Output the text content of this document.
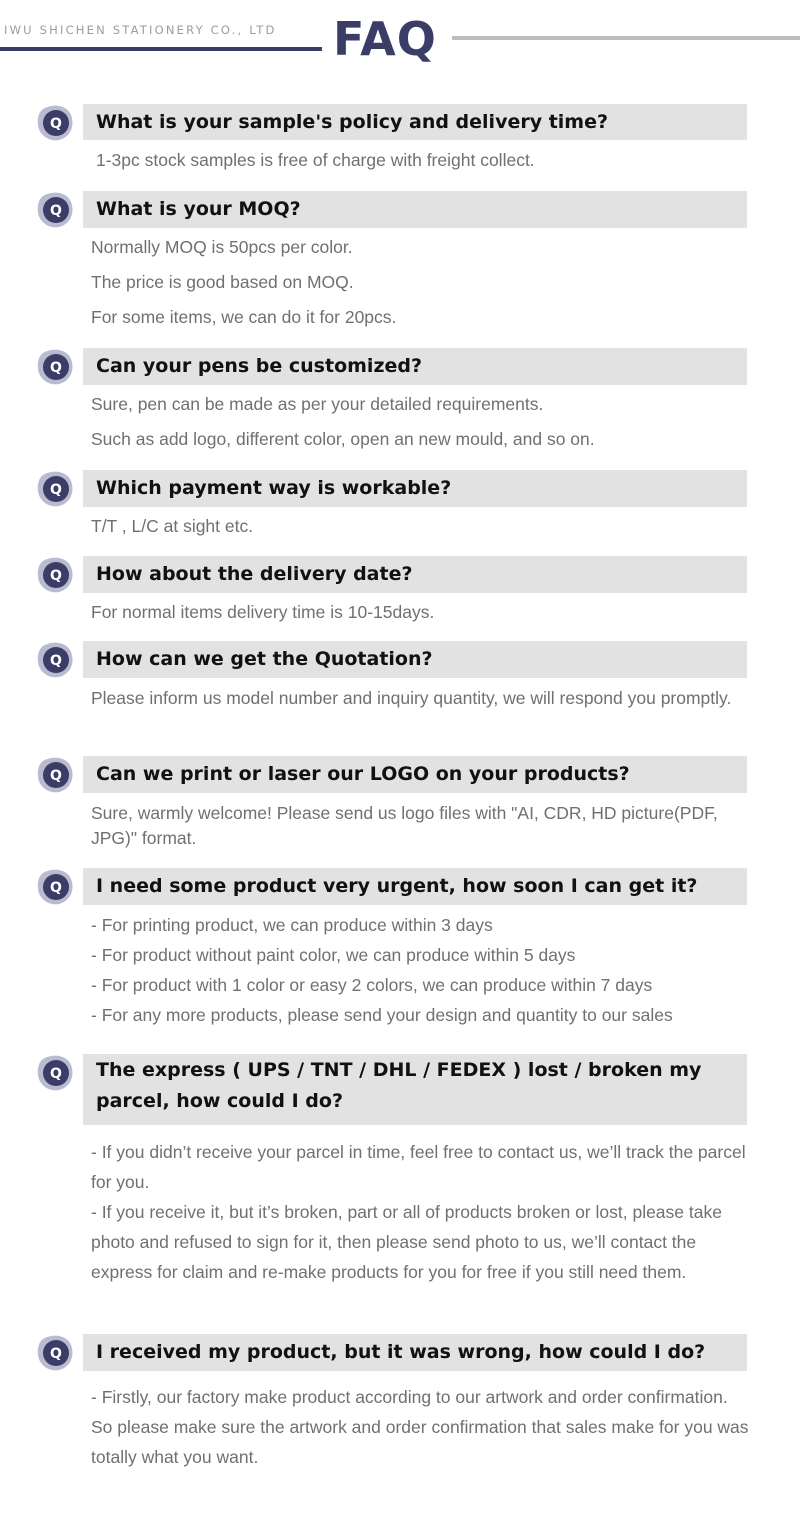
IWU SHICHEN STATIONERY CO., LTD FAQ
Q	What is your sample's policy and delivery time?

1-3pc stock samples is free of charge with freight collect.

Q	What is your MOQ?

Normally MOQ is 50pcs per color.

The price is good based on MOQ.

For some items, we can do it for 20pcs.

Q	Can your pens be customized?

Sure, pen can be made as per your detailed requirements.

Such as add logo, different color, open an new mould, and so on.

Q	Which payment way is workable?

T/T , L/C at sight etc.

Q	How about the delivery date?

For normal items delivery time is 10-15days.

Q	How can we get the Quotation?

Please inform us model number and inquiry quantity, we will respond you promptly.

Q	Can we print or laser our LOGO on your products?

Sure, warmly welcome! Please send us logo files with "AI, CDR, HD picture(PDF, JPG)" format.

Q	I need some product very urgent, how soon I can get it?

- For printing product, we can produce within 3 days

- For product without paint color, we can produce within 5 days

- For product with 1 color or easy 2 colors, we can produce within 7 days

- For any more products, please send your design and quantity to our sales

Q	The express ( UPS / TNT / DHL / FEDEX ) lost / broken my parcel, how could I do?

- If you didn’t receive your parcel in time, feel free to contact us, we’ll track the parcel for you.

- If you receive it, but it’s broken, part or all of products broken or lost, please take photo and refused to sign for it, then please send photo to us, we’ll contact the express for claim and re-make products for you for free if you still need them.

Q	I received my product, but it was wrong, how could I do?

- Firstly, our factory make product according to our artwork and order confirmation. So please make sure the artwork and order confirmation that sales make for you was totally what you want.
